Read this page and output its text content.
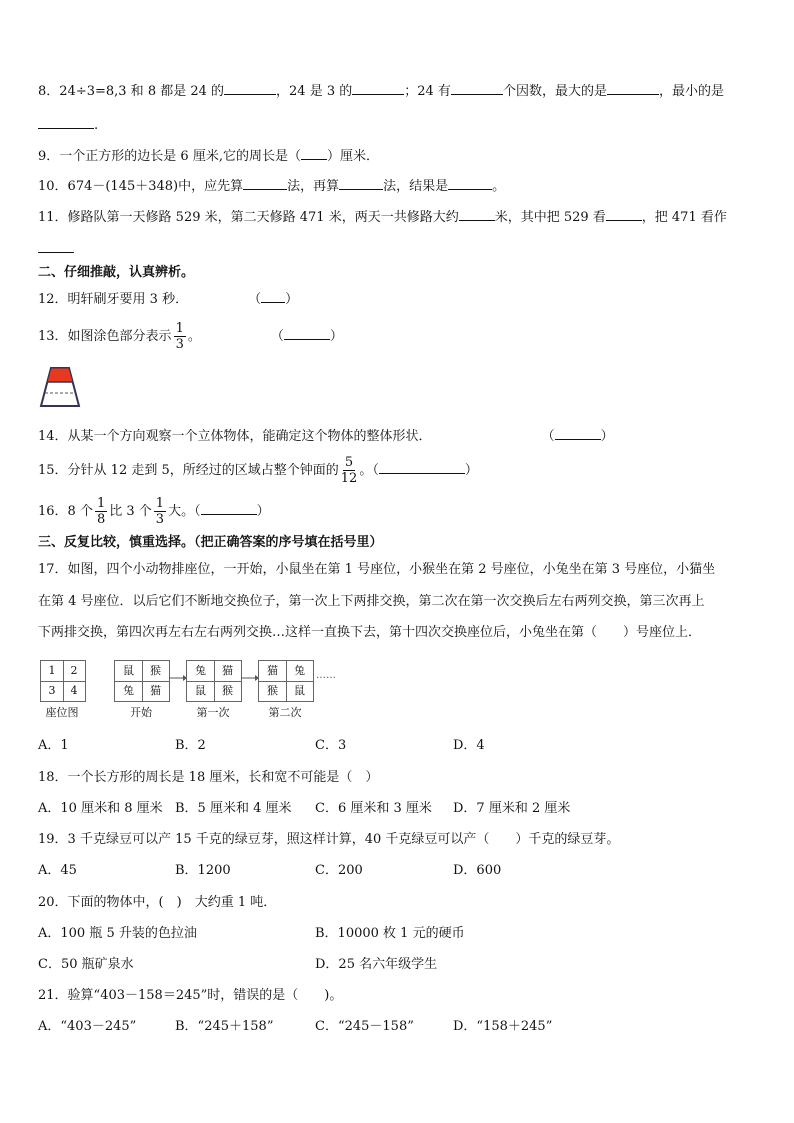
8．24÷3=8,3 和 8 都是 24 的	，24 是 3 的	；24 有	个因数，最大的是	，最小的是
.
9．一个正方形的边长是 6 厘米,它的周长是（ ）厘米．
10．674－(145＋348)中，应先算	法，再算	法，结果是	。
11．修路队第一天修路 529 米，第二天修路 471 米，两天一共修路大约	米，其中把 529 看	，把 471 看作
二、仔细推敲，认真辨析。
12．明轩刷牙要用 3 秒．	（ ）
13．如图涂色部分表示 $\frac{1}{3}$ 。	（	）
14．从某一个方向观察一个立体物体，能确定这个物体的整体形状．	（	）
15．分针从 12 走到 5，所经过的区域占整个钟面的 $\frac{5}{12}$ 。（	）
16．8 个 $\frac{1}{8}$ 比 3 个 $\frac{1}{3}$ 大。（	）
三、反复比较，慎重选择。（把正确答案的序号填在括号里）
17．如图，四个小动物排座位，一开始，小鼠坐在第 1 号座位，小猴坐在第 2 号座位，小兔坐在第 3 号座位，小猫坐
在第 4 号座位．以后它们不断地交换位子，第一次上下两排交换，第二次在第一次交换后左右两列交换，第三次再上
下两排交换，第四次再左右左右两列交换…这样一直换下去，第十四次交换座位后，小兔坐在第（　　）号座位上．
1	2
3	4
座位图
鼠	猴
兔	猫
开始
兔	猫
鼠	猴
第一次
猫	兔
猴	鼠
第二次
……
A．1	B．2	C．3	D．4
18．一个长方形的周长是 18 厘米，长和宽不可能是（　）
A．10 厘米和 8 厘米 B．5 厘米和 4 厘米 C．6 厘米和 3 厘米 D．7 厘米和 2 厘米
19．3 千克绿豆可以产 15 千克的绿豆芽，照这样计算，40 千克绿豆可以产（　　）千克的绿豆芽。
A．45	B．1200	C．200	D．600
20．下面的物体中，(　)　大约重 1 吨．
A．100 瓶 5 升装的色拉油	B．10000 枚 1 元的硬币
C．50 瓶矿泉水	D．25 名六年级学生
21．验算“403－158＝245”时，错误的是（　　)。
A．“403－245”	B．“245＋158”	C．“245－158”	D．“158＋245”
